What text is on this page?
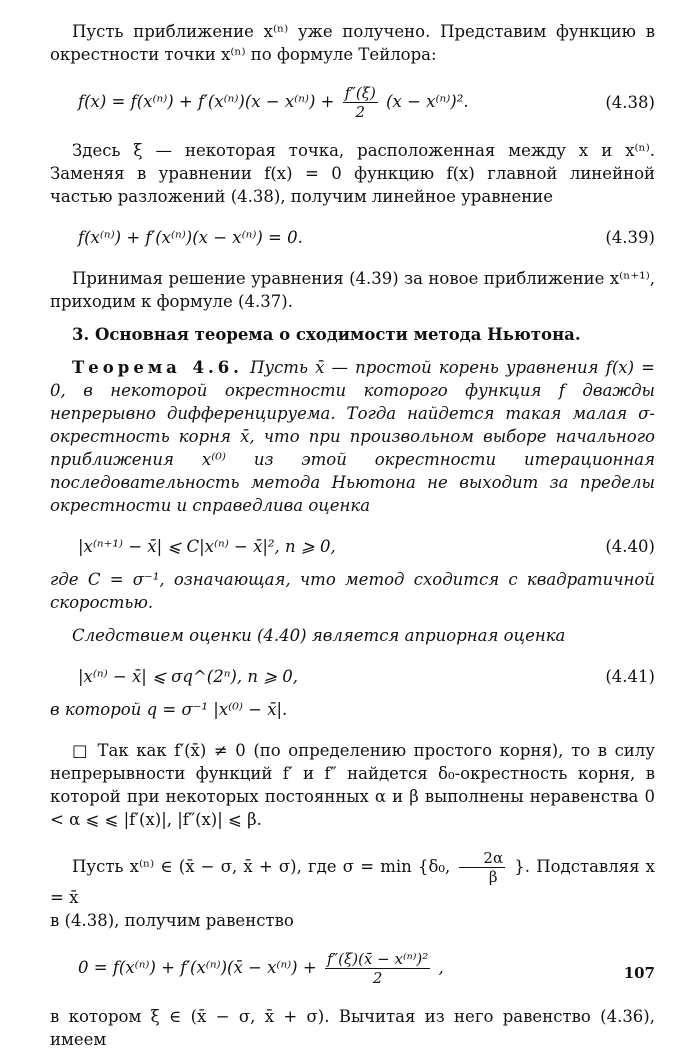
Пусть приближение x⁽ⁿ⁾ уже получено. Представим функцию в окрестности точки x⁽ⁿ⁾ по формуле Тейлора:

$f(x) = f(x^{(n)}) + f'(x^{(n)})(x - x^{(n)}) + \frac{f''(\xi)}{2} (x - x^{(n)})^2$.	(4.38)

Здесь ξ — некоторая точка, расположенная между x и x⁽ⁿ⁾. Заменяя в уравнении f(x) = 0 функцию f(x) главной линейной частью разложений (4.38), получим линейное уравнение

f(x⁽ⁿ⁾) + f′(x⁽ⁿ⁾)(x − x⁽ⁿ⁾) = 0.	(4.39)

Принимая решение уравнения (4.39) за новое приближение x⁽ⁿ⁺¹⁾, приходим к формуле (4.37).

3. Основная теорема о сходимости метода Ньютона.

Теорема 4.6. Пусть x̄ — простой корень уравнения f(x) = 0, в некоторой окрестности которого функция f дважды непрерывно дифференцируема. Тогда найдется такая малая σ-окрестность корня x̄, что при произвольном выборе начального приближения x⁽⁰⁾ из этой окрестности итерационная последовательность метода Ньютона не выходит за пределы окрестности и справедлива оценка

|x⁽ⁿ⁺¹⁾ − x̄| ⩽ C|x⁽ⁿ⁾ − x̄|², n ⩾ 0,	(4.40)

где C = σ⁻¹, означающая, что метод сходится с квадратичной скоростью.

Следствием оценки (4.40) является априорная оценка

|x⁽ⁿ⁾ − x̄| ⩽ σq^(2ⁿ), n ⩾ 0,	(4.41)

в которой q = σ⁻¹ |x⁽⁰⁾ − x̄|.

□ Так как f′(x̄) ≠ 0 (по определению простого корня), то в силу непрерывности функций f′ и f″ найдется δ₀-окрестность корня, в которой при некоторых постоянных α и β выполнены неравенства 0 < α ⩽ ⩽ |f′(x)|, |f″(x)| ⩽ β.

Пусть x⁽ⁿ⁾ ∈ (x̄ − σ, x̄ + σ), где σ = min {δ₀, $\frac{2\alpha}{\beta}$ }. Подставляя x = x̄

в (4.38), получим равенство

0 = f(x⁽ⁿ⁾) + f′(x⁽ⁿ⁾)(x̄ − $x^{(n)}) + \frac{\text{f″(ξ)(x̄ − x⁽ⁿ⁾)²}}{2}$ ,

в котором ξ ∈ (x̄ − σ, x̄ + σ). Вычитая из него равенство (4.36), имеем

107
